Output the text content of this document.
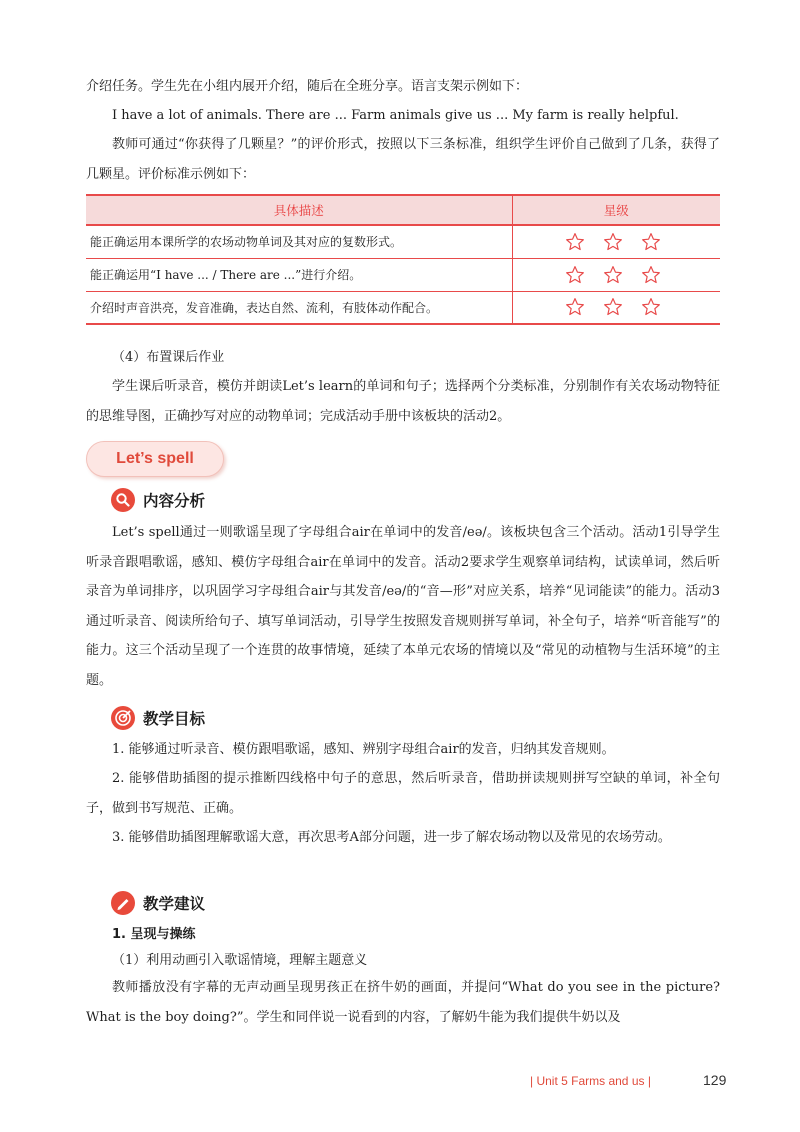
介绍任务。学生先在小组内展开介绍，随后在全班分享。语言支架示例如下：
I have a lot of animals. There are ... Farm animals give us ... My farm is really helpful.
教师可通过“你获得了几颗星？”的评价形式，按照以下三条标准，组织学生评价自己做到了几条，获得了几颗星。评价标准示例如下：
具体描述	星级
能正确运用本课所学的农场动物单词及其对应的复数形式。	
能正确运用“I have ... / There are ...”进行介绍。	
介绍时声音洪亮，发音准确，表达自然、流利，有肢体动作配合。	
（4）布置课后作业
学生课后听录音，模仿并朗读Let’s learn的单词和句子；选择两个分类标准，分别制作有关农场动物特征的思维导图，正确抄写对应的动物单词；完成活动手册中该板块的活动2。
Let’s spell
内容分析
Let’s spell通过一则歌谣呈现了字母组合air在单词中的发音/eə/。该板块包含三个活动。活动1引导学生听录音跟唱歌谣，感知、模仿字母组合air在单词中的发音。活动2要求学生观察单词结构，试读单词，然后听录音为单词排序，以巩固学习字母组合air与其发音/eə/的“音—形”对应关系，培养“见词能读”的能力。活动3通过听录音、阅读所给句子、填写单词活动，引导学生按照发音规则拼写单词，补全句子，培养“听音能写”的能力。这三个活动呈现了一个连贯的故事情境，延续了本单元农场的情境以及“常见的动植物与生活环境”的主题。
教学目标
1. 能够通过听录音、模仿跟唱歌谣，感知、辨别字母组合air的发音，归纳其发音规则。
2. 能够借助插图的提示推断四线格中句子的意思，然后听录音，借助拼读规则拼写空缺的单词，补全句子，做到书写规范、正确。
3. 能够借助插图理解歌谣大意，再次思考A部分问题，进一步了解农场动物以及常见的农场劳动。
教学建议
1. 呈现与操练
（1）利用动画引入歌谣情境，理解主题意义
教师播放没有字幕的无声动画呈现男孩正在挤牛奶的画面，并提问“What do you see in the picture? What is the boy doing?”。学生和同伴说一说看到的内容，了解奶牛能为我们提供牛奶以及
| Unit 5 Farms and us |	129
